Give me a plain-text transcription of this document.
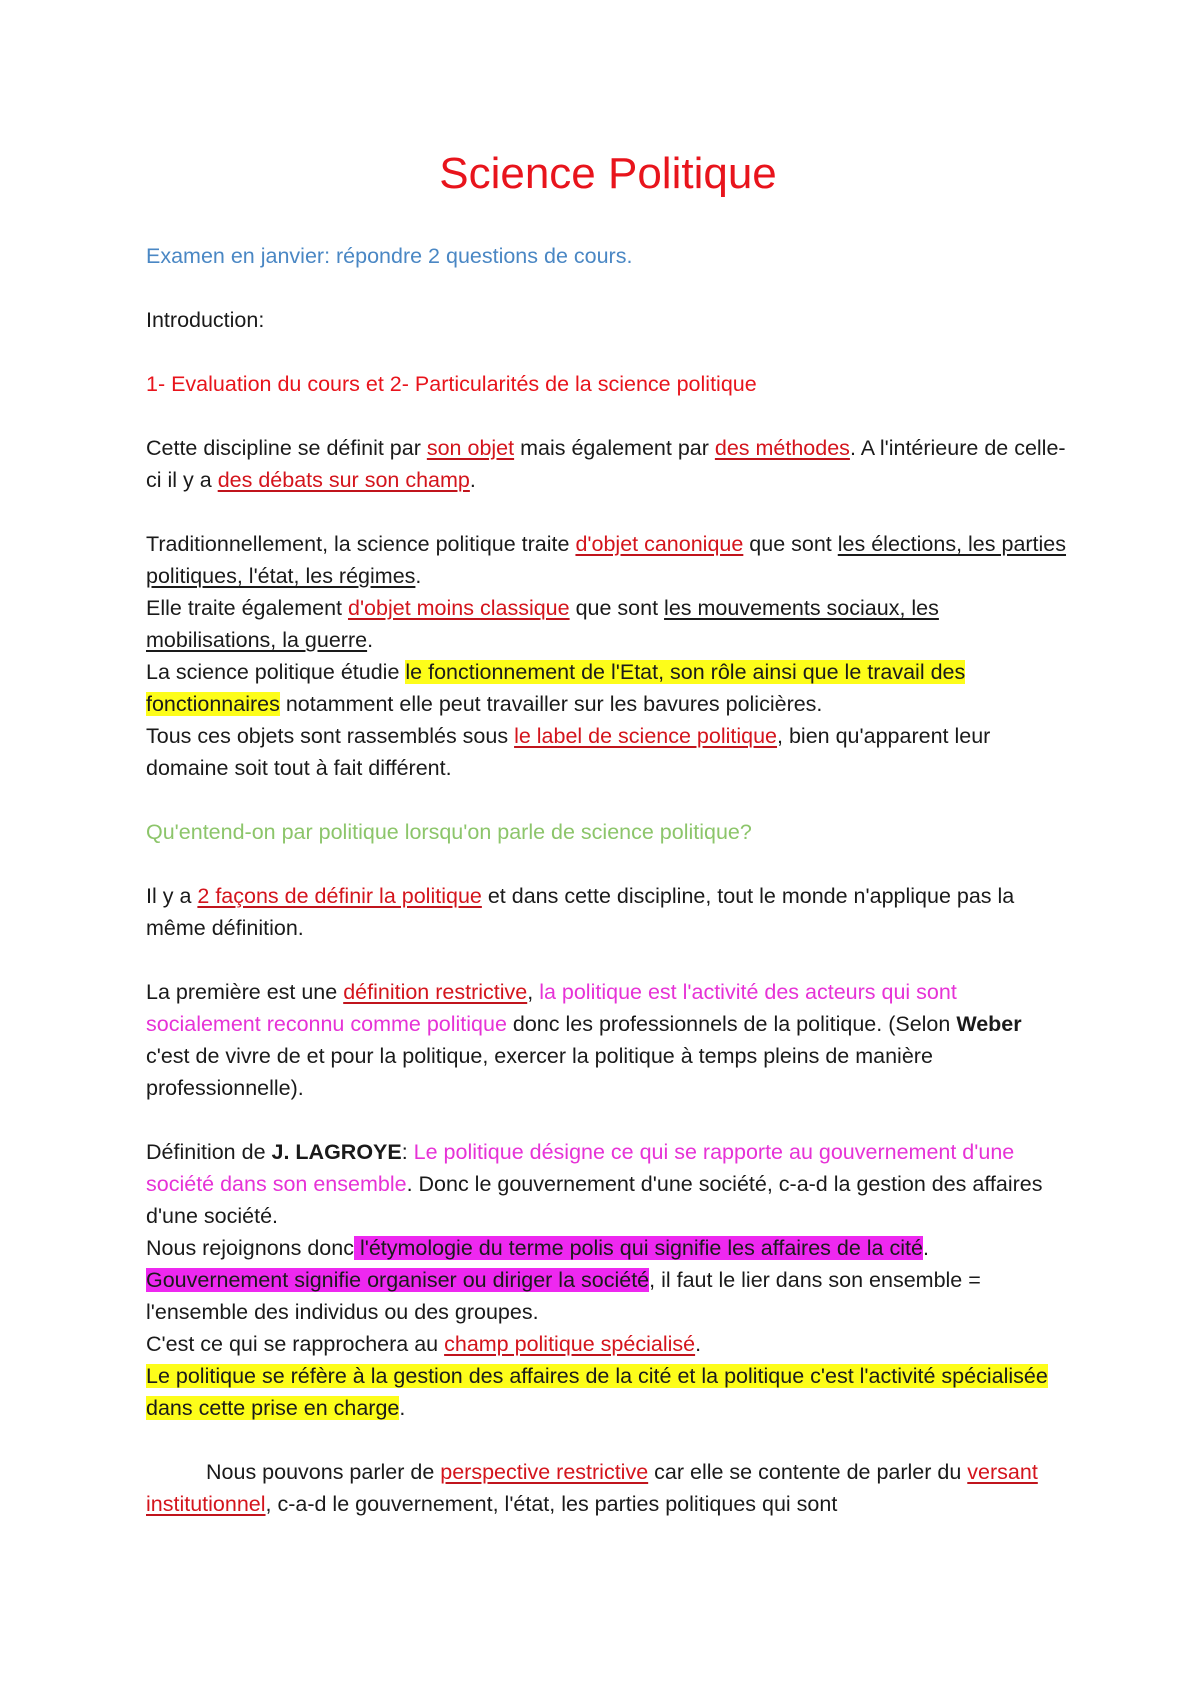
Science Politique

Examen en janvier: répondre 2 questions de cours.

Introduction:

1- Evaluation du cours et 2- Particularités de la science politique

Cette discipline se définit par son objet mais également par des méthodes. A l'intérieure de celle-ci il y a des débats sur son champ.

Traditionnellement, la science politique traite d'objet canonique que sont les élections, les parties politiques, l'état, les régimes.
Elle traite également d'objet moins classique que sont les mouvements sociaux, les mobilisations, la guerre.
La science politique étudie le fonctionnement de l'Etat, son rôle ainsi que le travail des fonctionnaires notamment elle peut travailler sur les bavures policières.
Tous ces objets sont rassemblés sous le label de science politique, bien qu'apparent leur domaine soit tout à fait différent.

Qu'entend-on par politique lorsqu'on parle de science politique?

Il y a 2 façons de définir la politique et dans cette discipline, tout le monde n'applique pas la même définition.

La première est une définition restrictive, la politique est l'activité des acteurs qui sont socialement reconnu comme politique donc les professionnels de la politique. (Selon Weber c'est de vivre de et pour la politique, exercer la politique à temps pleins de manière professionnelle).

Définition de J. LAGROYE: Le politique désigne ce qui se rapporte au gouvernement d'une société dans son ensemble. Donc le gouvernement d'une société, c-a-d la gestion des affaires d'une société.
Nous rejoignons donc l'étymologie du terme polis qui signifie les affaires de la cité.
Gouvernement signifie organiser ou diriger la société, il faut le lier dans son ensemble = l'ensemble des individus ou des groupes.
C'est ce qui se rapprochera au champ politique spécialisé.
Le politique se réfère à la gestion des affaires de la cité et la politique c'est l'activité spécialisée dans cette prise en charge.

Nous pouvons parler de perspective restrictive car elle se contente de parler du versant institutionnel, c-a-d le gouvernement, l'état, les parties politiques qui sont
